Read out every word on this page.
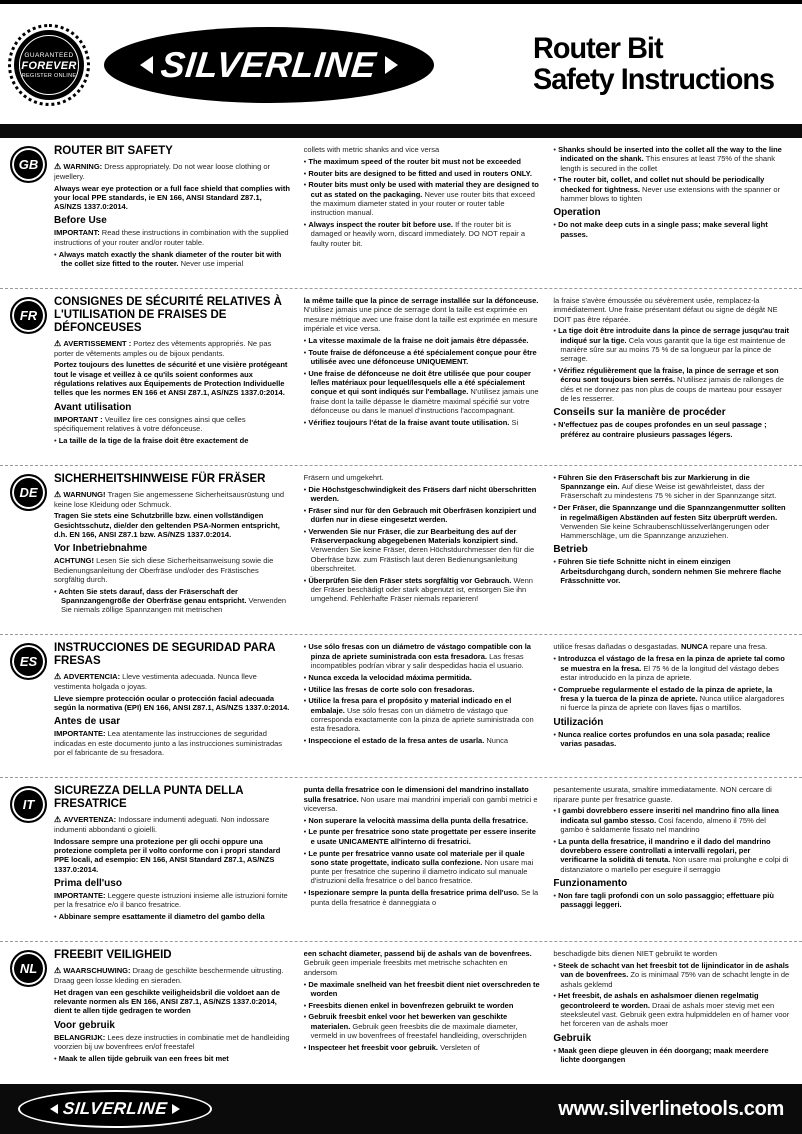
GUARANTEED
FOREVER
REGISTER ONLINE SILVERLINE
®	Router Bit
Safety Instructions
GB
ROUTER BIT SAFETY

⚠ WARNING: Dress appropriately. Do not wear loose clothing or jewellery.

Always wear eye protection or a full face shield that complies with your local PPE standards, ie EN 166, ANSI Standard Z87.1, AS/NZS 1337.0:2014.

Before Use

IMPORTANT: Read these instructions in combination with the supplied instructions of your router and/or router table.

• Always match exactly the shank diameter of the router bit with the collet size fitted to the router. Never use imperial

collets with metric shanks and vice versa

• The maximum speed of the router bit must not be exceeded

• Router bits are designed to be fitted and used in routers ONLY.

• Router bits must only be used with material they are designed to cut as stated on the packaging. Never use router bits that exceed the maximum diameter stated in your router or router table instruction manual.

• Always inspect the router bit before use. If the router bit is damaged or heavily worn, discard immediately. DO NOT repair a faulty router bit.

• Shanks should be inserted into the collet all the way to the line indicated on the shank. This ensures at least 75% of the shank length is secured in the collet

• The router bit, collet, and collet nut should be periodically checked for tightness. Never use extensions with the spanner or hammer blows to tighten

Operation

• Do not make deep cuts in a single pass; make several light passes.

FR
CONSIGNES DE SÉCURITÉ RELATIVES À L'UTILISATION DE FRAISES DE DÉFONCEUSES

⚠ AVERTISSEMENT : Portez des vêtements appropriés. Ne pas porter de vêtements amples ou de bijoux pendants.

Portez toujours des lunettes de sécurité et une visière protégeant tout le visage et veillez à ce qu'ils soient conformes aux régulations relatives aux Équipements de Protection Individuelle telles que les normes EN 166 et ANSI Z87.1, AS/NZS 1337.0:2014.

Avant utilisation

IMPORTANT : Veuillez lire ces consignes ainsi que celles spécifiquement relatives à votre défonceuse.

• La taille de la tige de la fraise doit être exactement de

la même taille que la pince de serrage installée sur la défonceuse. N'utilisez jamais une pince de serrage dont la taille est exprimée en mesure métrique avec une fraise dont la taille est exprimée en mesure impériale et vice versa.

• La vitesse maximale de la fraise ne doit jamais être dépassée.

• Toute fraise de défonceuse a été spécialement conçue pour être utilisée avec une défonceuse UNIQUEMENT.

• Une fraise de défonceuse ne doit être utilisée que pour couper le/les matériaux pour lequel/lesquels elle a été spécialement conçue et qui sont indiqués sur l'emballage. N'utilisez jamais une fraise dont la taille dépasse le diamètre maximal spécifié sur votre défonceuse ou dans le manuel d'instructions l'accompagnant.

• Vérifiez toujours l'état de la fraise avant toute utilisation. Si

la fraise s'avère émoussée ou sévèrement usée, remplacez-la immédiatement. Une fraise présentant défaut ou signe de dégât NE DOIT pas être réparée.

• La tige doit être introduite dans la pince de serrage jusqu'au trait indiqué sur la tige. Cela vous garantit que la tige est maintenue de manière sûre sur au moins 75 % de sa longueur par la pince de serrage.

• Vérifiez régulièrement que la fraise, la pince de serrage et son écrou sont toujours bien serrés. N'utilisez jamais de rallonges de clés et ne donnez pas non plus de coups de marteau pour essayer de les resserrer.

Conseils sur la manière de procéder

• N'effectuez pas de coupes profondes en un seul passage ; préférez au contraire plusieurs passages légers.

DE
SICHERHEITSHINWEISE FÜR FRÄSER

⚠ WARNUNG! Tragen Sie angemessene Sicherheitsausrüstung und keine lose Kleidung oder Schmuck.

Tragen Sie stets eine Schutzbrille bzw. einen vollständigen Gesichtsschutz, die/der den geltenden PSA-Normen entspricht, d.h. EN 166, ANSI Z87.1 bzw. AS/NZS 1337.0:2014.

Vor Inbetriebnahme

ACHTUNG! Lesen Sie sich diese Sicherheitsanweisung sowie die Bedienungsanleitung der Oberfräse und/oder des Frästisches sorgfältig durch.

• Achten Sie stets darauf, dass der Fräserschaft der Spannzangengröße der Oberfräse genau entspricht. Verwenden Sie niemals zöllige Spannzangen mit metrischen

Fräsern und umgekehrt.

• Die Höchstgeschwindigkeit des Fräsers darf nicht überschritten werden.

• Fräser sind nur für den Gebrauch mit Oberfräsen konzipiert und dürfen nur in diese eingesetzt werden.

• Verwenden Sie nur Fräser, die zur Bearbeitung des auf der Fräserverpackung abgegebenen Materials konzipiert sind. Verwenden Sie keine Fräser, deren Höchstdurchmesser den für die Oberfräse bzw. zum Frästisch laut deren Bedienungsanleitung überschreitet.

• Überprüfen Sie den Fräser stets sorgfältig vor Gebrauch. Wenn der Fräser beschädigt oder stark abgenutzt ist, entsorgen Sie ihn umgehend. Fehlerhafte Fräser niemals reparieren!

• Führen Sie den Fräserschaft bis zur Markierung in die Spannzange ein. Auf diese Weise ist gewährleistet, dass der Fräserschaft zu mindestens 75 % sicher in der Spannzange sitzt.

• Der Fräser, die Spannzange und die Spannzangenmutter sollten in regelmäßigen Abständen auf festen Sitz überprüft werden. Verwenden Sie keine Schraubenschlüsselverlängerungen oder Hammerschläge, um die Spannzange anzuziehen.

Betrieb

• Führen Sie tiefe Schnitte nicht in einem einzigen Arbeitsdurchgang durch, sondern nehmen Sie mehrere flache Frässchnitte vor.

ES
INSTRUCCIONES DE SEGURIDAD PARA FRESAS

⚠ ADVERTENCIA: Lleve vestimenta adecuada. Nunca lleve vestimenta holgada o joyas.

Lleve siempre protección ocular o protección facial adecuada según la normativa (EPI) EN 166, ANSI Z87.1, AS/NZS 1337.0:2014.

Antes de usar

IMPORTANTE: Lea atentamente las instrucciones de seguridad indicadas en este documento junto a las instrucciones suministradas por el fabricante de su fresadora.

• Use sólo fresas con un diámetro de vástago compatible con la pinza de apriete suministrada con esta fresadora. Las fresas incompatibles podrían vibrar y salir despedidas hacia el usuario.

• Nunca exceda la velocidad máxima permitida.

• Utilice las fresas de corte solo con fresadoras.

• Utilice la fresa para el propósito y material indicado en el embalaje. Use sólo fresas con un diámetro de vástago que corresponda exactamente con la pinza de apriete suministrada con esta fresadora.

• Inspeccione el estado de la fresa antes de usarla. Nunca

utilice fresas dañadas o desgastadas. NUNCA repare una fresa.

• Introduzca el vástago de la fresa en la pinza de apriete tal como se muestra en la fresa. El 75 % de la longitud del vástago debes estar introducido en la pinza de apriete.

• Compruebe regularmente el estado de la pinza de apriete, la fresa y la tuerca de la pinza de apriete. Nunca utilice alargadores ni fuerce la pinza de apriete con llaves fijas o martillos.

Utilización

• Nunca realice cortes profundos en una sola pasada; realice varias pasadas.

IT
SICUREZZA DELLA PUNTA DELLA FRESATRICE

⚠ AVVERTENZA: Indossare indumenti adeguati. Non indossare indumenti abbondanti o gioielli.

Indossare sempre una protezione per gli occhi oppure una protezione completa per il volto conforme con i propri standard PPE locali, ad esempio: EN 166, ANSI Standard Z87.1, AS/NZS 1337.0:2014.

Prima dell'uso

IMPORTANTE: Leggere queste istruzioni insieme alle istruzioni fornite per la fresatrice e/o il banco fresatrice.

• Abbinare sempre esattamente il diametro del gambo della

punta della fresatrice con le dimensioni del mandrino installato sulla fresatrice. Non usare mai mandrini imperiali con gambi metrici e viceversa.

• Non superare la velocità massima della punta della fresatrice.

• Le punte per fresatrice sono state progettate per essere inserite e usate UNICAMENTE all'interno di fresatrici.

• Le punte per fresatrice vanno usate col materiale per il quale sono state progettate, indicato sulla confezione. Non usare mai punte per fresatrice che superino il diametro indicato sul manuale d'istruzioni della fresatrice o del banco fresatrice.

• Ispezionare sempre la punta della fresatrice prima dell'uso. Se la punta della fresatrice è danneggiata o

pesantemente usurata, smaltire immediatamente. NON cercare di riparare punte per fresatrice guaste.

• I gambi dovrebbero essere inseriti nel mandrino fino alla linea indicata sul gambo stesso. Così facendo, almeno il 75% del gambo è saldamente fissato nel mandrino

• La punta della fresatrice, il mandrino e il dado del mandrino dovrebbero essere controllati a intervalli regolari, per verificarne la solidità di tenuta. Non usare mai prolunghe e colpi di distanziatore o martello per eseguire il serraggio

Funzionamento

• Non fare tagli profondi con un solo passaggio; effettuare più passaggi leggeri.

NL
FREEBIT VEILIGHEID

⚠ WAARSCHUWING: Draag de geschikte beschermende uitrusting. Draag geen losse kleding en sieraden.

Het dragen van een geschikte veiligheidsbril die voldoet aan de relevante normen als EN 166, ANSI Z87.1, AS/NZS 1337.0:2014, dient te allen tijde gedragen te worden

Voor gebruik

BELANGRIJK: Lees deze instructies in combinatie met de handleiding voorzien bij uw bovenfrees en/of freestafel

• Maak te allen tijde gebruik van een frees bit met

een schacht diameter, passend bij de ashals van de bovenfrees. Gebruik geen imperiale freesbits met metrische schachten en andersom

• De maximale snelheid van het freesbit dient niet overschreden te worden

• Freesbits dienen enkel in bovenfrezen gebruikt te worden

• Gebruik freesbit enkel voor het bewerken van geschikte materialen. Gebruik geen freesbits die de maximale diameter, vermeld in uw bovenfrees of freestafel handleiding, overschrijden

• Inspecteer het freesbit voor gebruik. Versleten of

beschadigde bits dienen NIET gebruikt te worden

• Steek de schacht van het freesbit tot de lijnindicator in de ashals van de bovenfrees. Zo is minimaal 75% van de schacht lengte in de ashals geklemd

• Het freesbit, de ashals en ashalsmoer dienen regelmatig gecontroleerd te worden. Draai de ashals moer stevig met een steeksleutel vast. Gebruik geen extra hulpmiddelen en of hamer voor het forceren van de ashals moer

Gebruik

• Maak geen diepe gleuven in één doorgang; maak meerdere lichte doorgangen

SILVERLINE	www.silverlinetools.com
